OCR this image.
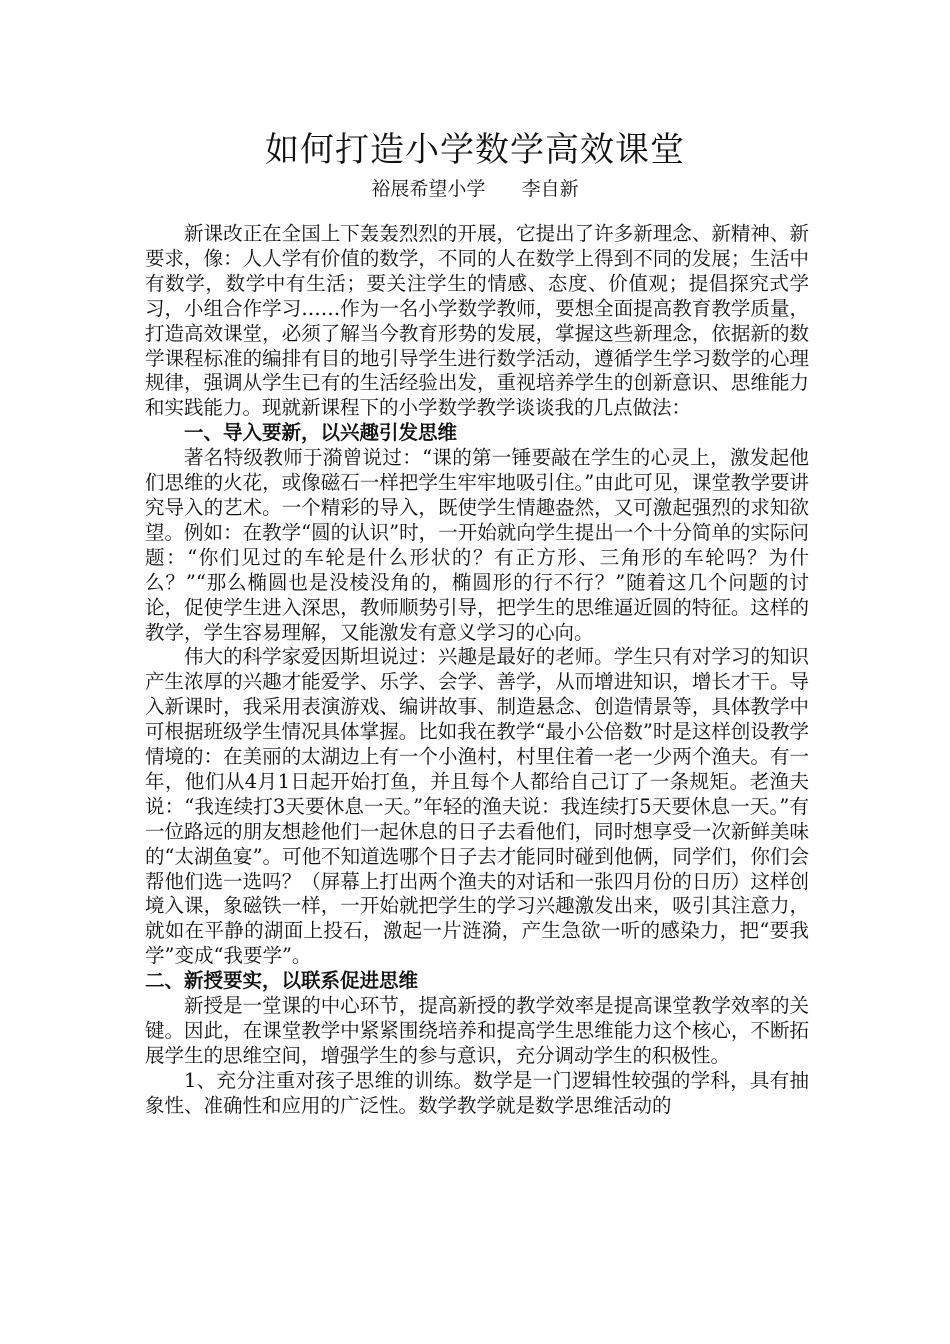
如何打造小学数学高效课堂
裕展希望小学      李自新

新课改正在全国上下轰轰烈烈的开展，它提出了许多新理念、新精神、新要求，像：人人学有价值的数学，不同的人在数学上得到不同的发展；生活中有数学，数学中有生活；要关注学生的情感、态度、价值观；提倡探究式学习，小组合作学习……作为一名小学数学教师，要想全面提高教育教学质量，打造高效课堂，必须了解当今教育形势的发展，掌握这些新理念，依据新的数学课程标准的编排有目的地引导学生进行数学活动，遵循学生学习数学的心理规律，强调从学生已有的生活经验出发，重视培养学生的创新意识、思维能力和实践能力。现就新课程下的小学数学教学谈谈我的几点做法：

一、导入要新，以兴趣引发思维

著名特级教师于漪曾说过：“课的第一锤要敲在学生的心灵上，激发起他们思维的火花，或像磁石一样把学生牢牢地吸引住。”由此可见，课堂教学要讲究导入的艺术。一个精彩的导入，既使学生情趣盎然，又可激起强烈的求知欲望。例如：在教学“圆的认识”时，一开始就向学生提出一个十分简单的实际问题：“你们见过的车轮是什么形状的？有正方形、三角形的车轮吗？为什么？”“那么椭圆也是没棱没角的，椭圆形的行不行？”随着这几个问题的讨论，促使学生进入深思，教师顺势引导，把学生的思维逼近圆的特征。这样的教学，学生容易理解，又能激发有意义学习的心向。

伟大的科学家爱因斯坦说过：兴趣是最好的老师。学生只有对学习的知识产生浓厚的兴趣才能爱学、乐学、会学、善学，从而增进知识，增长才干。导入新课时，我采用表演游戏、编讲故事、制造悬念、创造情景等，具体教学中可根据班级学生情况具体掌握。比如我在教学“最小公倍数”时是这样创设教学情境的：在美丽的太湖边上有一个小渔村，村里住着一老一少两个渔夫。有一年，他们从4月1日起开始打鱼，并且每个人都给自己订了一条规矩。老渔夫说：“我连续打3天要休息一天。”年轻的渔夫说：我连续打5天要休息一天。”有一位路远的朋友想趁他们一起休息的日子去看他们，同时想享受一次新鲜美味的“太湖鱼宴”。可他不知道选哪个日子去才能同时碰到他俩，同学们，你们会帮他们选一选吗？（屏幕上打出两个渔夫的对话和一张四月份的日历）这样创境入课，象磁铁一样，一开始就把学生的学习兴趣激发出来，吸引其注意力，就如在平静的湖面上投石，激起一片涟漪，产生急欲一听的感染力，把“要我学”变成“我要学”。

二、新授要实，以联系促进思维

新授是一堂课的中心环节，提高新授的教学效率是提高课堂教学效率的关键。因此，在课堂教学中紧紧围绕培养和提高学生思维能力这个核心，不断拓展学生的思维空间，增强学生的参与意识，充分调动学生的积极性。

1、充分注重对孩子思维的训练。数学是一门逻辑性较强的学科，具有抽象性、准确性和应用的广泛性。数学教学就是数学思维活动的
